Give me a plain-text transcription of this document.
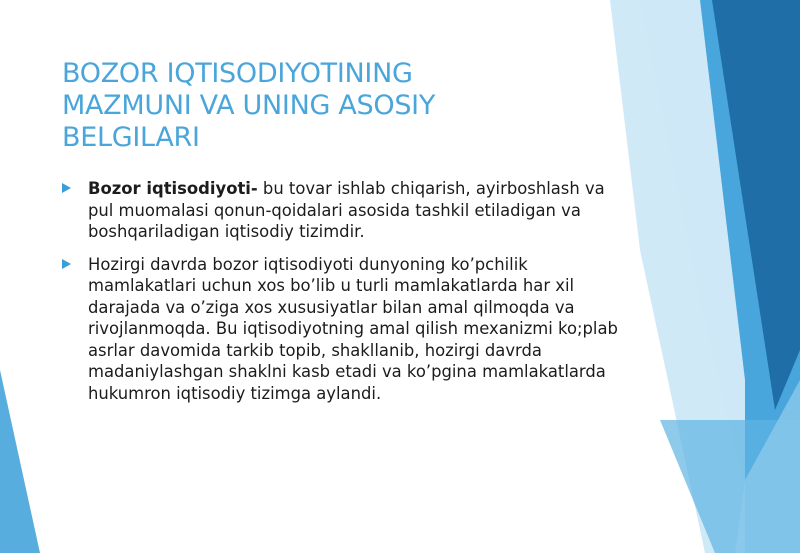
BOZOR IQTISODIYOTINING
MAZMUNI VA UNING ASOSIY
BELGILARI
Bozor iqtisodiyoti- bu tovar ishlab chiqarish, ayirboshlash va pul muomalasi qonun-qoidalari asosida tashkil etiladigan va boshqariladigan iqtisodiy tizimdir.
Hozirgi davrda bozor iqtisodiyoti dunyoning ko’pchilik mamlakatlari uchun xos bo’lib u turli mamlakatlarda har xil darajada va o’ziga xos xususiyatlar bilan amal qilmoqda va rivojlanmoqda. Bu iqtisodiyotning amal qilish mexanizmi ko;plab asrlar davomida tarkib topib, shakllanib, hozirgi davrda madaniylashgan shaklni kasb etadi va ko’pgina mamlakatlarda hukumron iqtisodiy tizimga aylandi.
